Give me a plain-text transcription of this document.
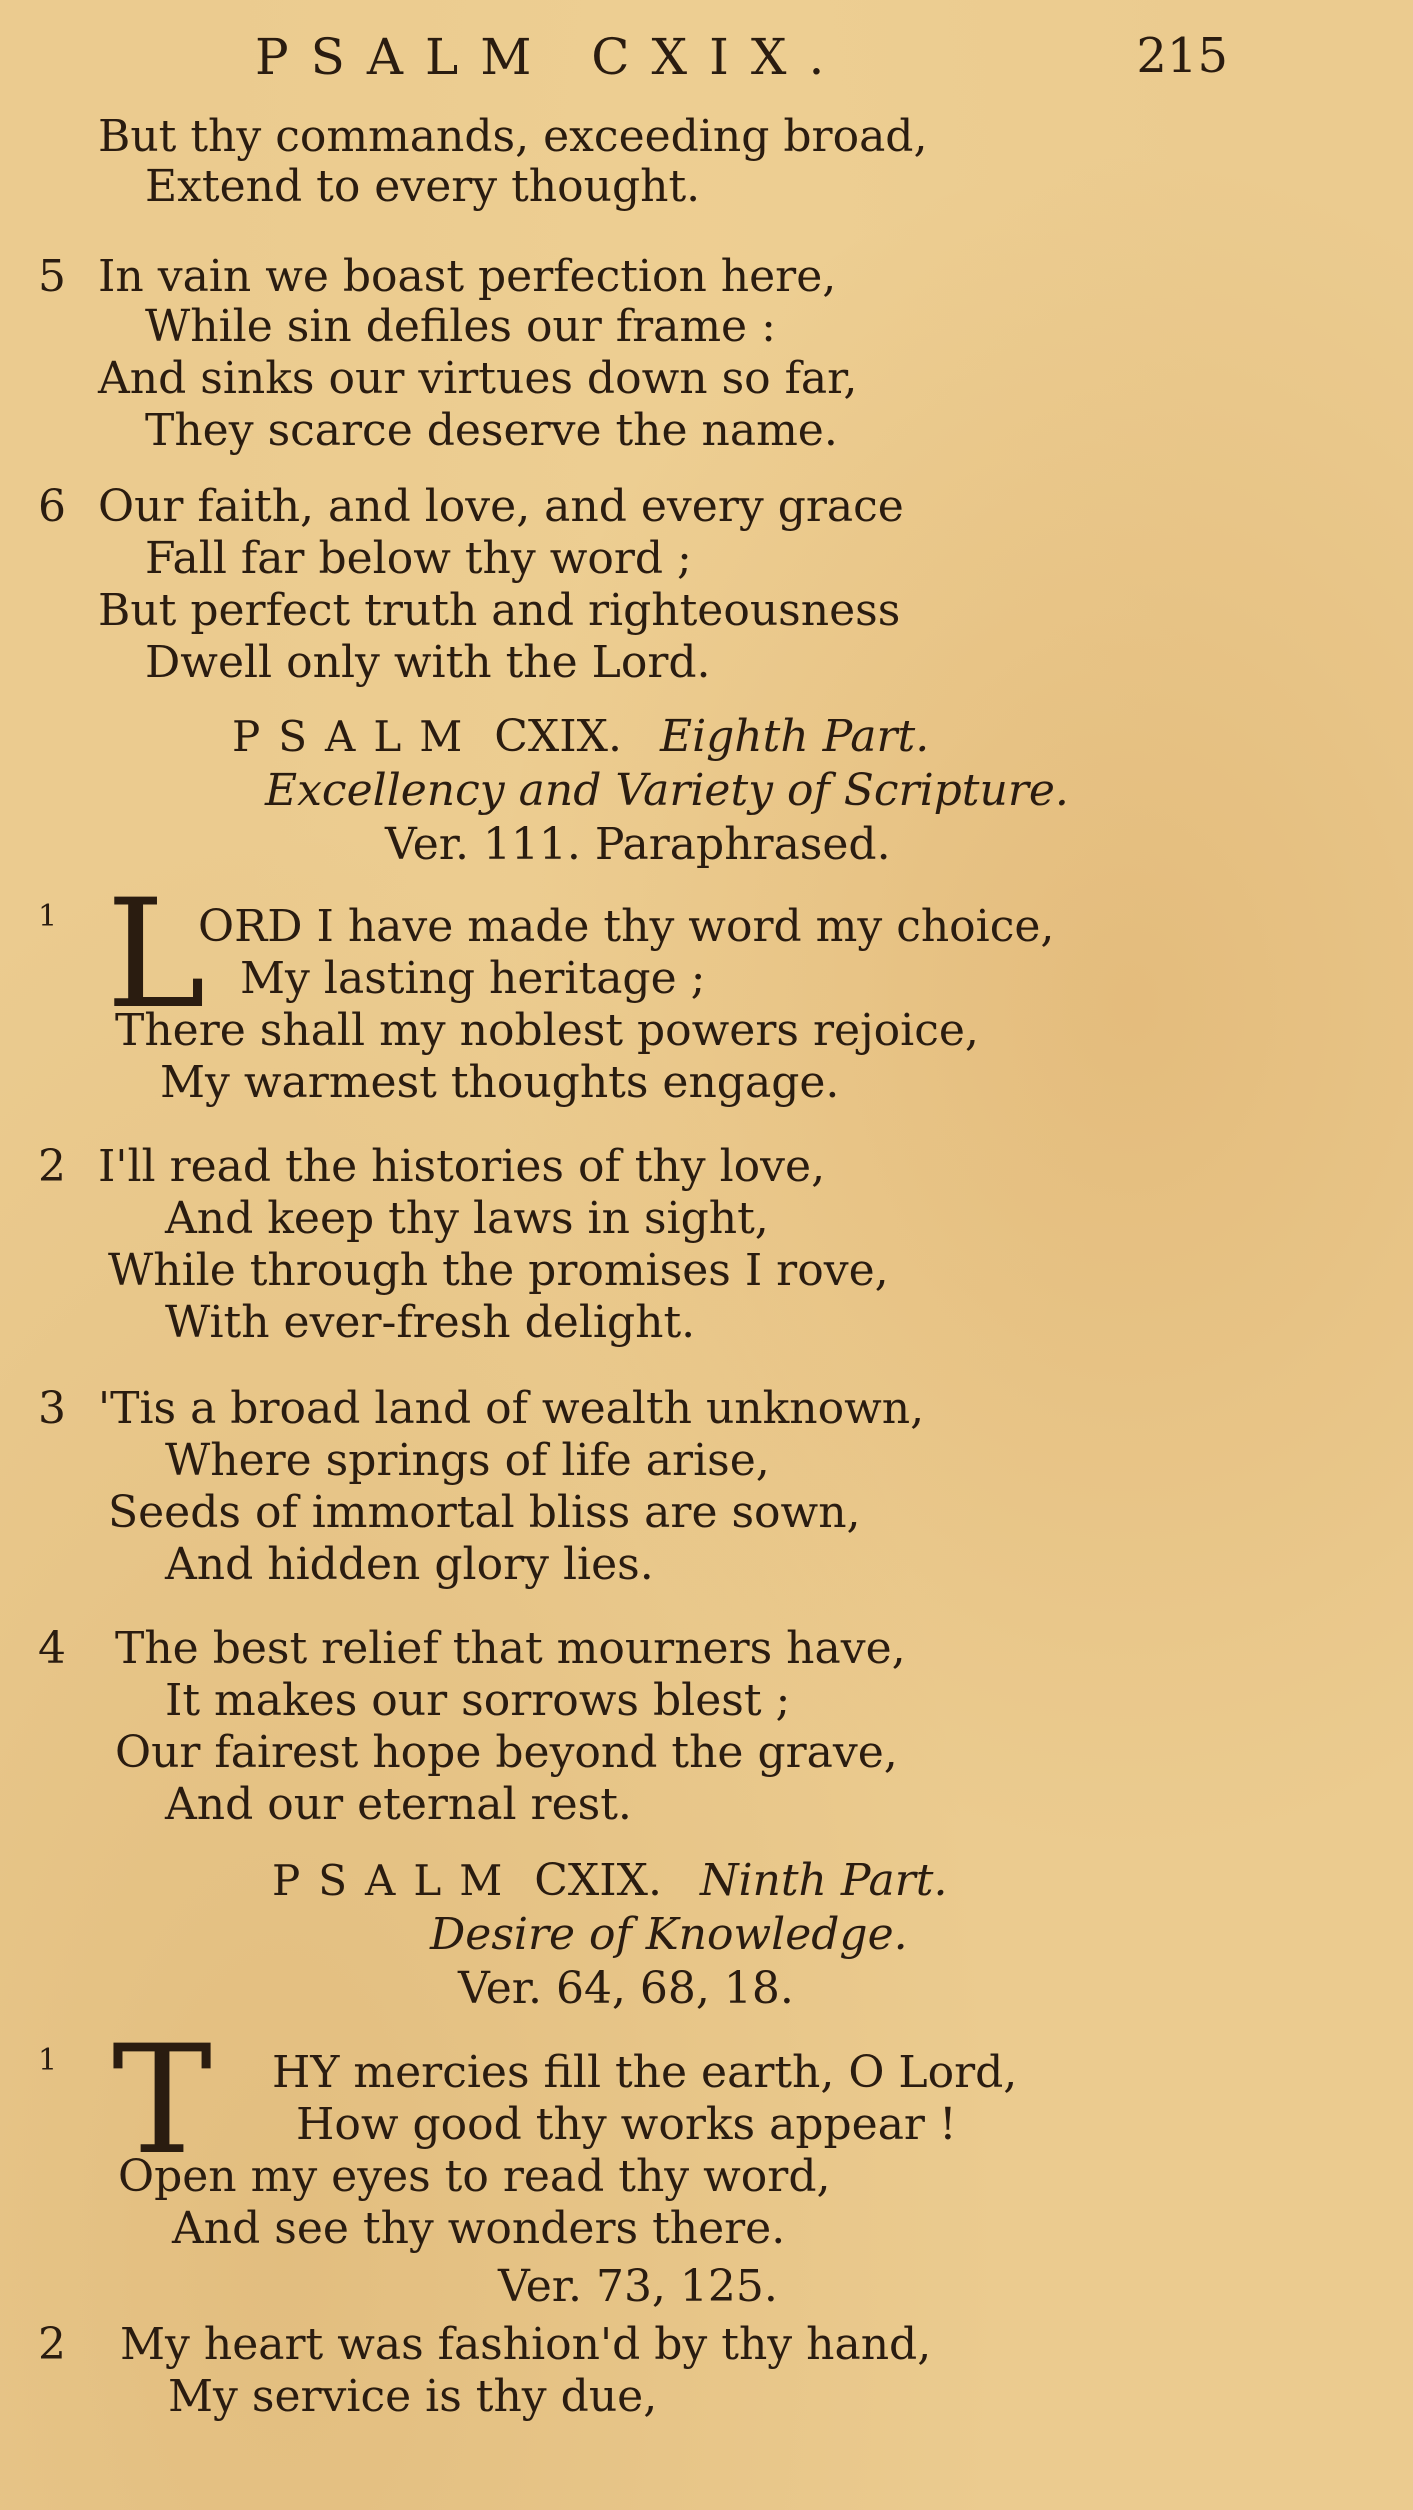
PSALM CXIX.	215
But thy commands, exceeding broad,
Extend to every thought.
5 In vain we boast perfection here,
While sin defiles our frame :
And sinks our virtues down so far,
They scarce deserve the name.
6 Our faith, and love, and every grace
Fall far below thy word ;
But perfect truth and righteousness
Dwell only with the Lord.
PSALM CXIX. Eighth Part.
Excellency and Variety of Scripture.
Ver. 111. Paraphrased.
1 L
ORD I have made thy word my choice,
My lasting heritage ;
There shall my noblest powers rejoice,
My warmest thoughts engage.
2 I'll read the histories of thy love,
And keep thy laws in sight,
While through the promises I rove,
With ever-fresh delight.
3 'Tis a broad land of wealth unknown,
Where springs of life arise,
Seeds of immortal bliss are sown,
And hidden glory lies.
4 The best relief that mourners have,
It makes our sorrows blest ;
Our fairest hope beyond the grave,
And our eternal rest.
PSALM CXIX. Ninth Part.
Desire of Knowledge.
Ver. 64, 68, 18.
1 T HY mercies fill the earth, O Lord,
How good thy works appear !
Open my eyes to read thy word,
And see thy wonders there.
Ver. 73, 125.
2 My heart was fashion'd by thy hand,
My service is thy due,
